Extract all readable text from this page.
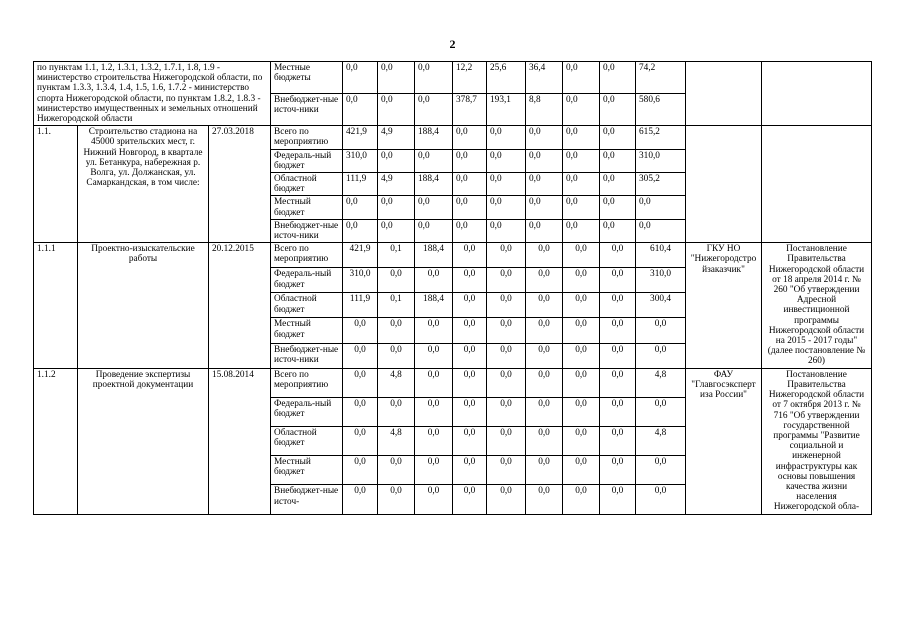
2
по пунктам 1.1, 1.2, 1.3.1, 1.3.2, 1.7.1, 1.8, 1.9 - министерство строительства Нижегородской области, по пунктам 1.3.3, 1.3.4, 1.4, 1.5, 1.6, 1.7.2 - министерство спорта Нижегородской области, по пунктам 1.8.2, 1.8.3 - министерство имущественных и земельных отношений Нижегородской области			Местные бюджеты	0,0	0,0	0,0	12,2	25,6	36,4	0,0	0,0	74,2		
			Внебюджет-ные источ-ники	0,0	0,0	0,0	378,7	193,1	8,8	0,0	0,0	580,6		
1.1.	Строительство стадиона на 45000 зрительских мест, г. Нижний Новгород, в квартале ул. Бетанкура, набережная р. Волга, ул. Должанская, ул. Самаркандская, в том числе:	27.03.2018	Всего по мероприятию	421,9	4,9	188,4	0,0	0,0	0,0	0,0	0,0	615,2		
			Федераль-ный бюджет	310,0	0,0	0,0	0,0	0,0	0,0	0,0	0,0	310,0		
			Областной бюджет	111,9	4,9	188,4	0,0	0,0	0,0	0,0	0,0	305,2		
			Местный бюджет	0,0	0,0	0,0	0,0	0,0	0,0	0,0	0,0	0,0		
			Внебюджет-ные источ-ники	0,0	0,0	0,0	0,0	0,0	0,0	0,0	0,0	0,0		
1.1.1	Проектно-изыскательские работы	20.12.2015	Всего по мероприятию	421,9	0,1	188,4	0,0	0,0	0,0	0,0	0,0	610,4	ГКУ НО "Нижегородстройзаказчик"	Постановление Правительства Нижегородской области от 18 апреля 2014 г. № 260 "Об утверждении Адресной инвестиционной программы Нижегородской области на 2015 - 2017 годы" (далее постановление № 260)
			Федераль-ный бюджет	310,0	0,0	0,0	0,0	0,0	0,0	0,0	0,0	310,0		
			Областной бюджет	111,9	0,1	188,4	0,0	0,0	0,0	0,0	0,0	300,4		
			Местный бюджет	0,0	0,0	0,0	0,0	0,0	0,0	0,0	0,0	0,0		
			Внебюджет-ные источ-ники	0,0	0,0	0,0	0,0	0,0	0,0	0,0	0,0	0,0		
1.1.2	Проведение экспертизы проектной документации	15.08.2014	Всего по мероприятию	0,0	4,8	0,0	0,0	0,0	0,0	0,0	0,0	4,8	ФАУ "Главгосэкспертиза России"	Постановление Правительства Нижегородской области от 7 октября 2013 г. № 716 "Об утверждении государственной программы "Развитие социальной и инженерной инфраструктуры как основы повышения качества жизни населения Нижегородской обла-
			Федераль-ный бюджет	0,0	0,0	0,0	0,0	0,0	0,0	0,0	0,0	0,0		
			Областной бюджет	0,0	4,8	0,0	0,0	0,0	0,0	0,0	0,0	4,8		
			Местный бюджет	0,0	0,0	0,0	0,0	0,0	0,0	0,0	0,0	0,0		
			Внебюджет-ные источ-	0,0	0,0	0,0	0,0	0,0	0,0	0,0	0,0	0,0		
